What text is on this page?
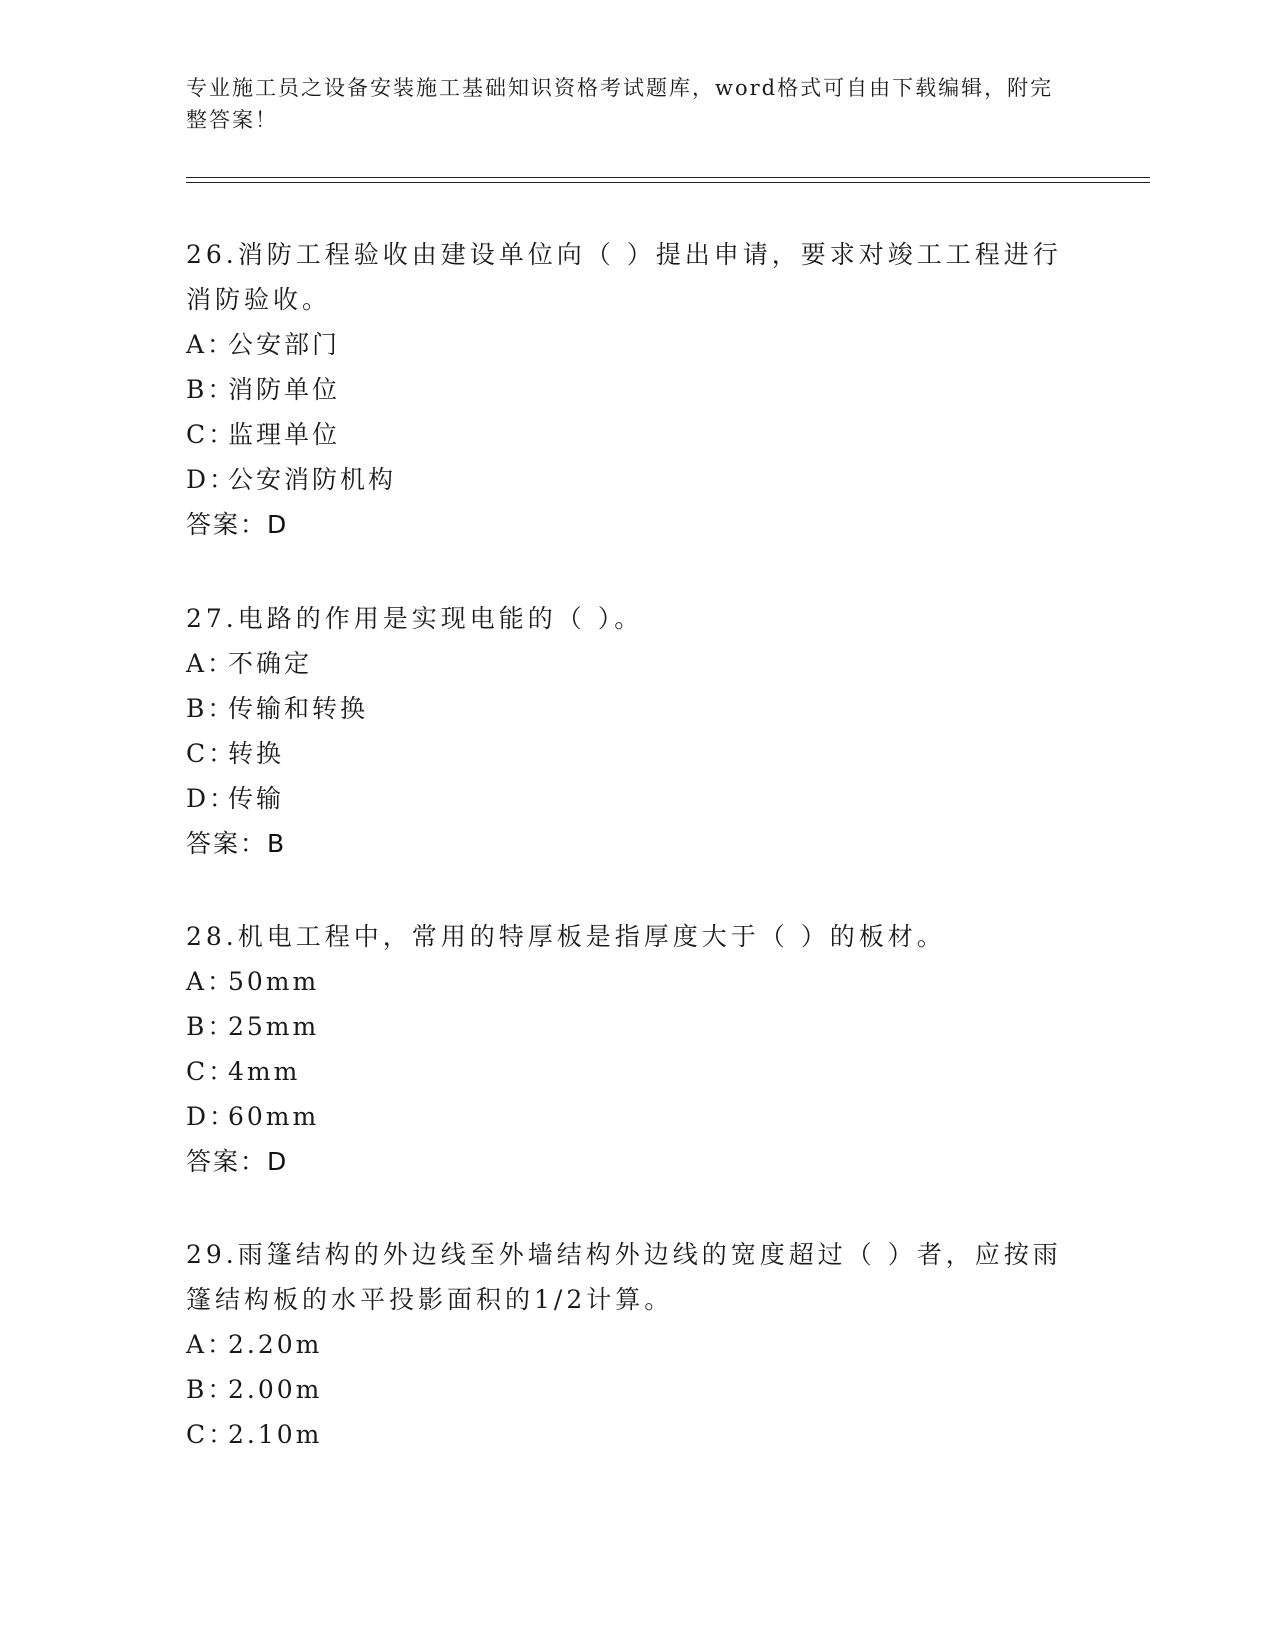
专业施工员之设备安装施工基础知识资格考试题库，word格式可自由下载编辑，附完整答案！

26.消防工程验收由建设单位向（ ）提出申请，要求对竣工工程进行消防验收。

A：公安部门
B：消防单位
C：监理单位
D：公安消防机构
答案：D

27.电路的作用是实现电能的（ ）。

A：不确定
B：传输和转换
C：转换
D：传输
答案：B

28.机电工程中，常用的特厚板是指厚度大于（ ）的板材。

A：50mm
B：25mm
C：4mm
D：60mm
答案：D

29.雨篷结构的外边线至外墙结构外边线的宽度超过（ ）者，应按雨篷结构板的水平投影面积的1/2计算。

A：2.20m
B：2.00m
C：2.10m
